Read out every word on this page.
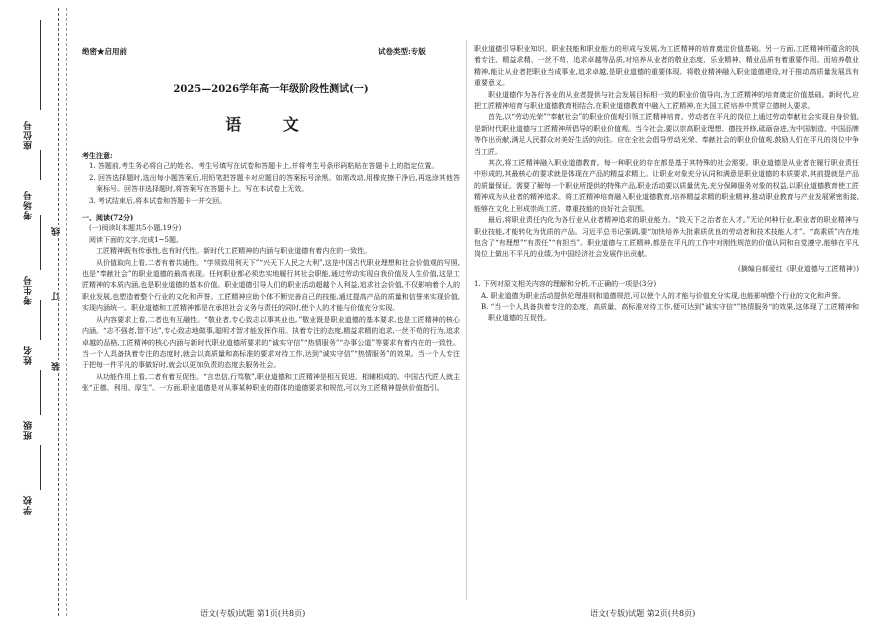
座位号
考场号
考生号
姓名
班级
学校
线
订
装
绝密★启用前	试卷类型:专版
2025—2026学年高一年级阶段性测试(一)
语 文
考生注意:
1. 答题前,考生务必将自己的姓名、考生号填写在试卷和答题卡上,并将考生号条形码粘贴在答题卡上的指定位置。
2. 回答选择题时,选出每小题答案后,用铅笔把答题卡对应题目的答案标号涂黑。如需改动,用橡皮擦干净后,再选涂其他答案标号。回答非选择题时,将答案写在答题卡上。写在本试卷上无效。
3. 考试结束后,将本试卷和答题卡一并交回。
一、阅读(72分)
(一)阅读Ⅰ(本题共5小题,19分)
阅读下面的文字,完成1~5题。

工匠精神既有传承性,也有时代性。新时代工匠精神的内涵与职业道德有着内在的一致性。

从价值取向上看,二者有着共通性。“学须致用利天下”“兴天下人民之大利”,这是中国古代职业理想和社会价值观的写照,也是“奉献社会”的职业道德的最高表现。任何职业都必须忠实地履行其社会职能,通过劳动实现自我价值及人生价值,这是工匠精神的本质内涵,也是职业道德的基本价值。职业道德引导人们的职业活动超越个人利益,追求社会价值,不仅影响着个人的职业发展,也塑造着整个行业的文化和声誉。工匠精神应助个体不断完善自己的技能,通过提高产品的质量和信誉来实现价值,实现内涵统一。职业道德和工匠精神都是在承担社会义务与责任的同时,使个人的才能与价值充分实现。

从内容要求上看,二者也有互融性。“敬业者,专心致志以事其业也。”敬业既是职业道德的基本要求,也是工匠精神的核心内涵。“志不强者,智不达”,专心致志地做事,聪明才智才能发挥作用。执着专注的态度,精益求精的追求,一丝不苟的行为,追求卓越的品格,工匠精神的核心内涵与新时代职业道德所要求的“诚实守信”“热情服务”“办事公道”等要求有着内在的一致性。当一个人具备执着专注的态度时,就会以高质量和高标准的要求对待工作,达到“诚实守信”“热情服务”的效果。当一个人专注于把每一件平凡的事做好时,就会以更加负责的态度去服务社会。

从功能作用上看,二者有着互促性。“言忠信,行笃敬”,职业道德和工匠精神是相互促进、相辅相成的。中国古代匠人就主张“正德、利用、厚生”。一方面,职业道德是对从事某种职业的群体的道德要求和规范,可以为工匠精神提供价值指引。

职业道德引导职业知识、职业技能和职业能力的形成与发展,为工匠精神的培育奠定价值基础。另一方面,工匠精神所蕴含的执着专注、精益求精、一丝不苟、追求卓越等品质,对培养从业者的敬业态度、乐业精神、精业品质有着重要作用。而培养敬业精神,能让从业者把职业当成事业,追求卓越,是职业道德的重要体现。将敬业精神融入职业道德建设,对于推动高质量发展具有重要意义。

职业道德作为各行各业的从业者提供与社会发展目标相一致的职业价值导向,为工匠精神的培育奠定价值基础。新时代,应把工匠精神培育与职业道德教育相结合,在职业道德教育中融入工匠精神,在大国工匠培养中贯穿立德树人要求。

首先,以“劳动光荣”“奉献社会”的职业价值观引领工匠精神培育。劳动者在平凡的岗位上通过劳动奉献社会实现自身价值,是新时代职业道德与工匠精神所倡导的职业价值观。当今社会,要以崇高职业理想、德技并修,砥砺奋进,为中国制造、中国品牌等作出贡献,满足人民群众对美好生活的向往。应在全社会倡导劳动光荣、奉献社会的职业价值观,鼓励人们在平凡的岗位中争当工匠。

其次,将工匠精神融入职业道德教育。每一种职业的存在都是基于其特殊的社会需要。职业道德是从业者在履行职业责任中形成的,其最核心的要求就是体现在产品的精益求精上。让职业对象充分认同和满意是职业道德的本质要求,其前提就是产品的质量保证。需要了解每一个职业所提供的特殊产品,职业活动要以质量优先,充分保障服务对象的权益,以职业道德教育使工匠精神成为从业者的精神追求。将工匠精神培育融入职业道德教育,培养精益求精的职业精神,推动职业教育与产业发展紧密衔接,能够在文化上形成崇尚工匠、尊重技能的良好社会氛围。

最后,将职业责任内化为各行业从业者精神追求的职业能力。“致天下之治者在人才。”无论何种行业,职业者的职业精神与职业技能,才能转化为优质的产品。习近平总书记强调,要“加快培养大批素质优良的劳动者和技术技能人才”。“高素质”内在地包含了“有理想”“有责任”“有担当”。职业道德与工匠精神,都是在平凡的工作中对刚性规范的价值认同和自觉遵守,能够在平凡岗位上做出不平凡的业绩,为中国经济社会发展作出贡献。

(摘编自郝爱红《职业道德与工匠精神》)
1. 下列对原文相关内容的理解和分析,不正确的一项是(3分)
A. 职业道德为职业活动提供伦理准则和道德规范,可以使个人的才能与价值充分实现,也能影响整个行业的文化和声誉。
B. “当一个人具备执着专注的态度、高质量、高标准对待工作,便可达到”诚实守信“”热情服务“的效果,这体现了工匠精神和职业道德的互促性。
语文(专版)试题 第1页(共8页)	语文(专版)试题 第2页(共8页)
